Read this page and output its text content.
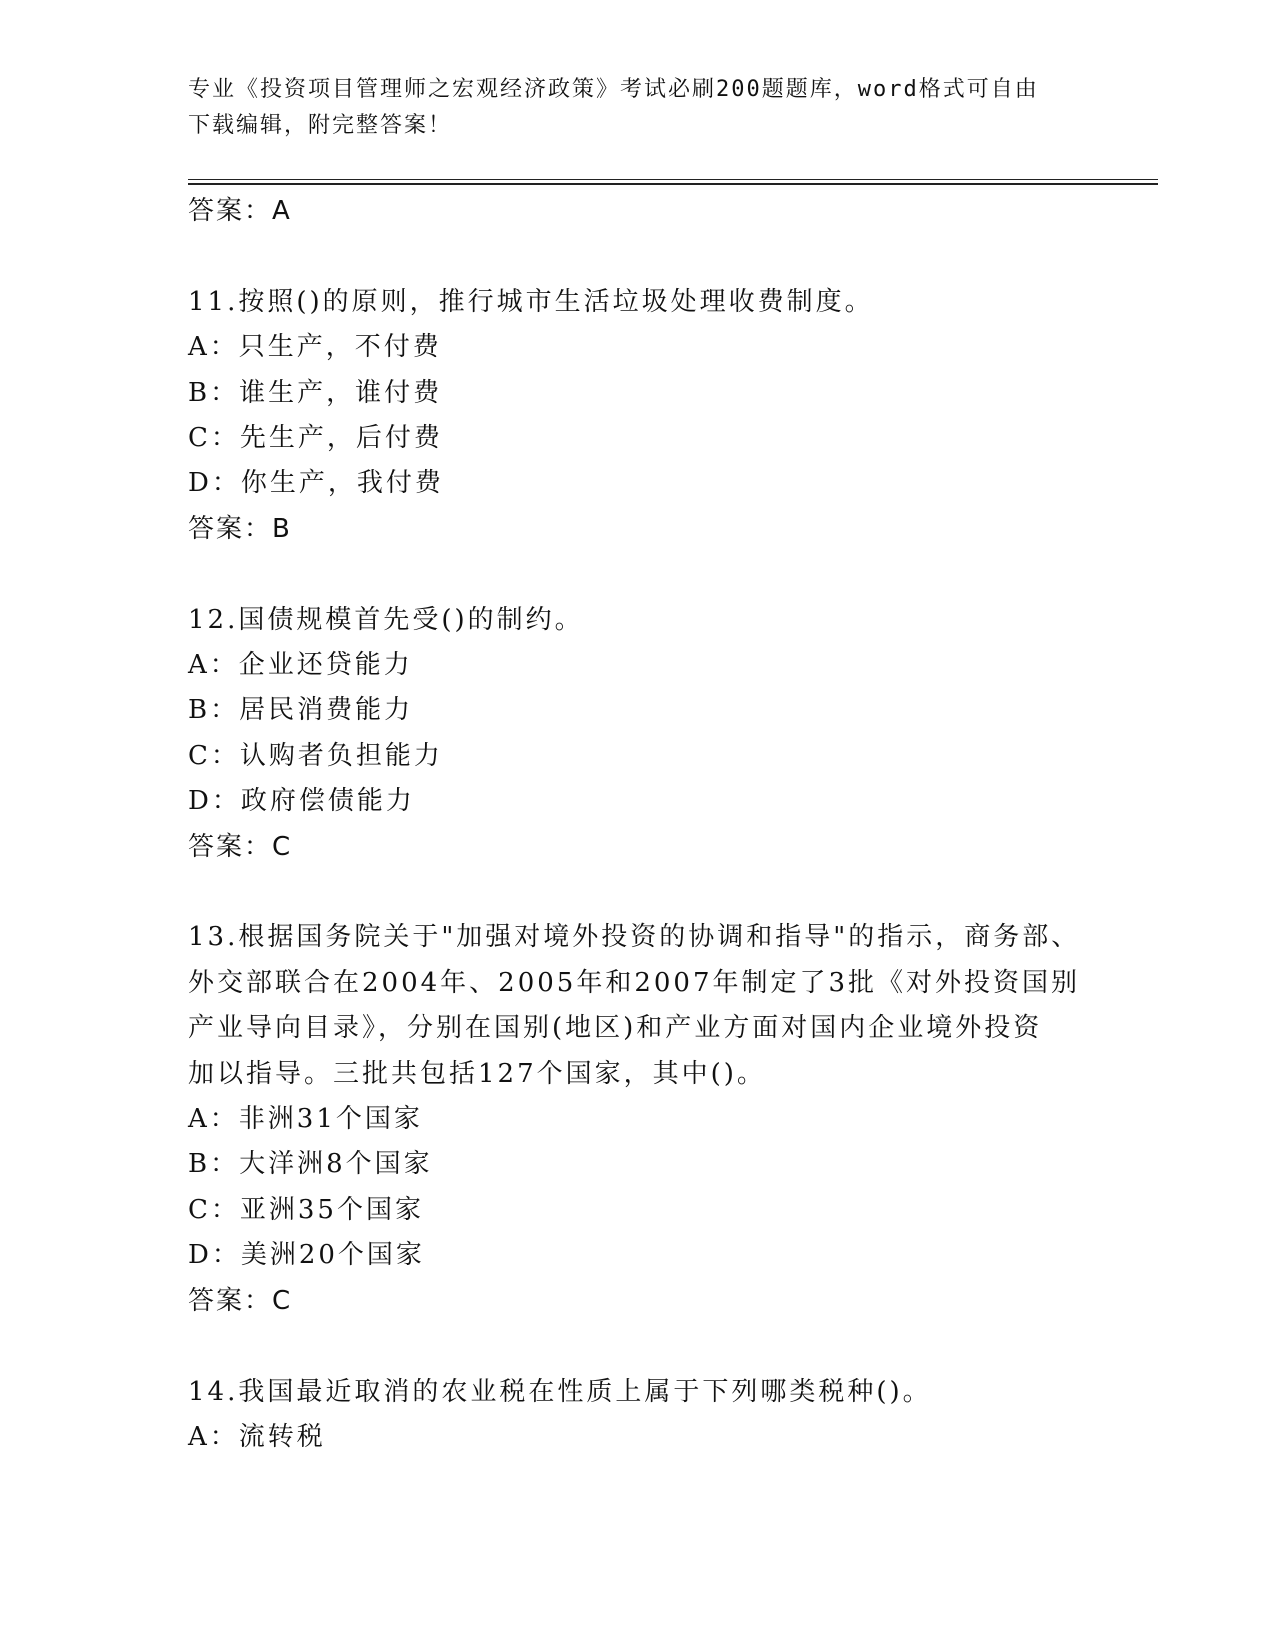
专业《投资项目管理师之宏观经济政策》考试必刷200题题库，word格式可自由
下载编辑，附完整答案！
答案：A
11.按照()的原则，推行城市生活垃圾处理收费制度。
A：只生产，不付费
B：谁生产，谁付费
C：先生产，后付费
D：你生产，我付费
答案：B
12.国债规模首先受()的制约。
A：企业还贷能力
B：居民消费能力
C：认购者负担能力
D：政府偿债能力
答案：C
13.根据国务院关于"加强对境外投资的协调和指导"的指示，商务部、
外交部联合在2004年、2005年和2007年制定了3批《对外投资国别
产业导向目录》，分别在国别(地区)和产业方面对国内企业境外投资
加以指导。三批共包括127个国家，其中()。
A：非洲31个国家
B：大洋洲8个国家
C：亚洲35个国家
D：美洲20个国家
答案：C
14.我国最近取消的农业税在性质上属于下列哪类税种()。
A：流转税
